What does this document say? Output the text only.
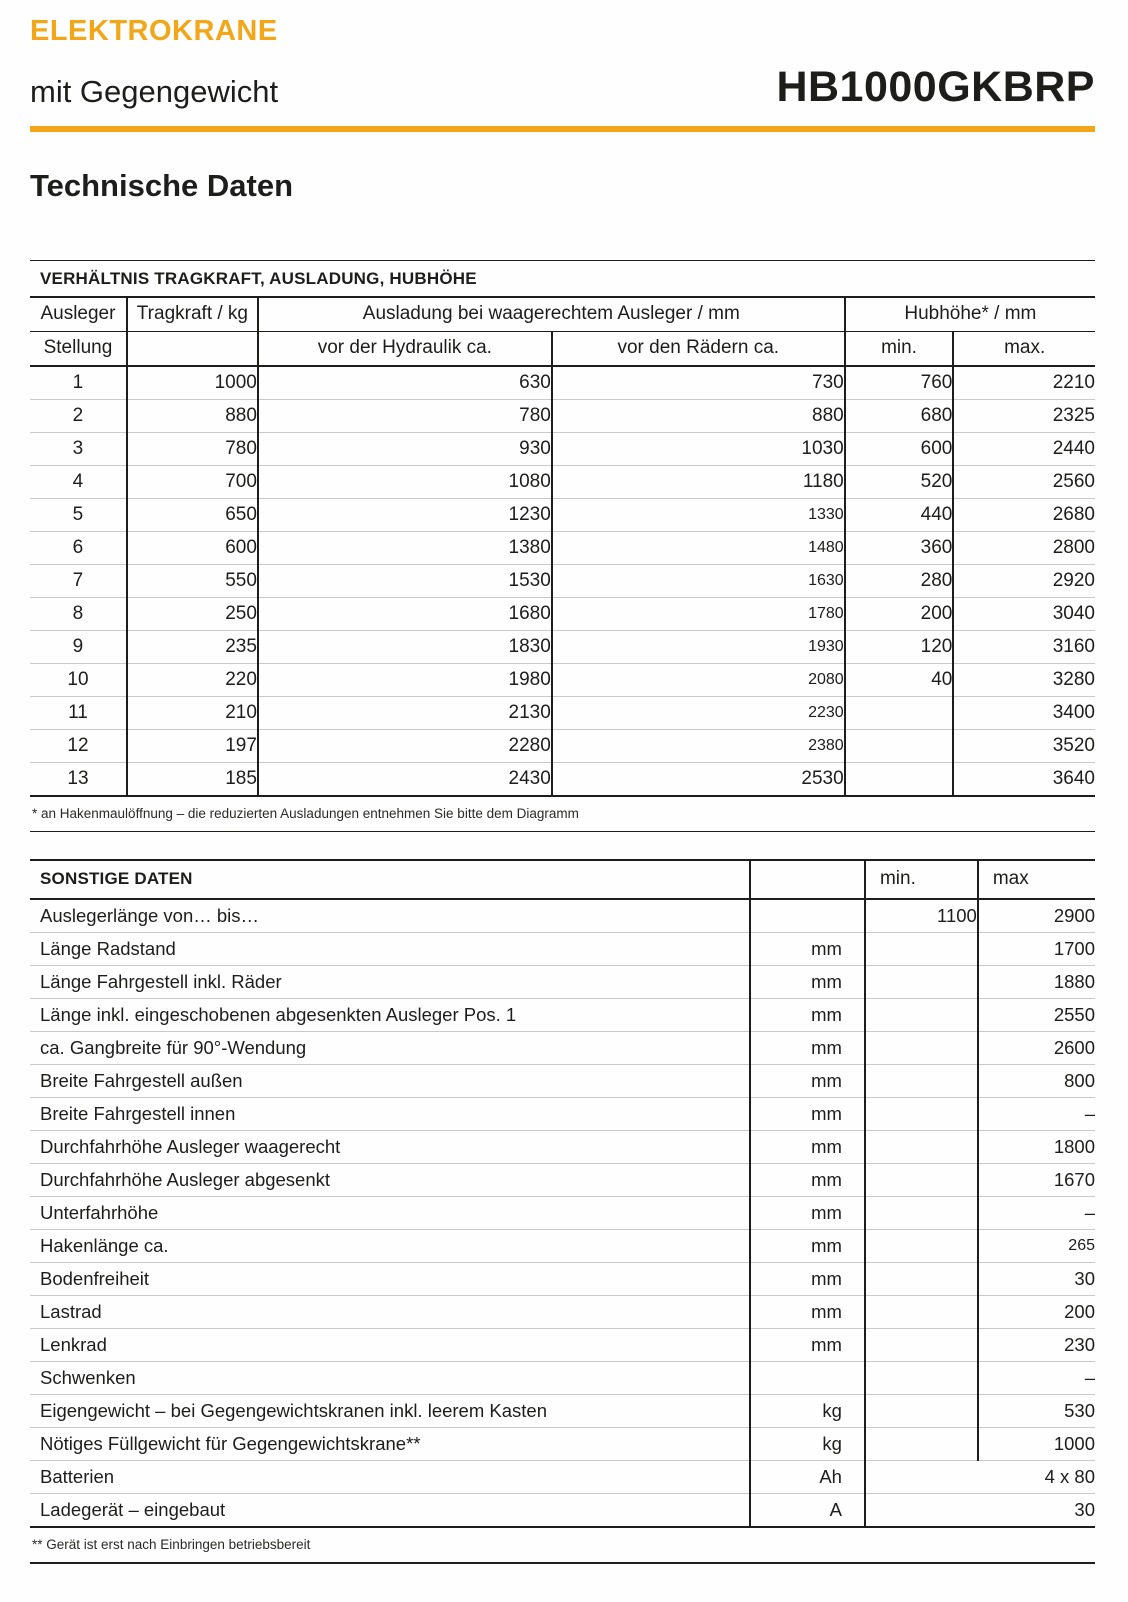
ELEKTROKRANE
mit Gegengewicht	HB1000GKBRP
Technische Daten
VERHÄLTNIS TRAGKRAFT, AUSLADUNG, HUBHÖHE
Ausleger	Tragkraft / kg	Ausladung bei waagerechtem Ausleger / mm		Hubhöhe* / mm	
Stellung		vor der Hydraulik ca.	vor den Rädern ca.	min.	max.
1	1000	630	730	760	2210
2	880	780	880	680	2325
3	780	930	1030	600	2440
4	700	1080	1180	520	2560
5	650	1230	1330	440	2680
6	600	1380	1480	360	2800
7	550	1530	1630	280	2920
8	250	1680	1780	200	3040
9	235	1830	1930	120	3160
10	220	1980	2080	40	3280
11	210	2130	2230		3400
12	197	2280	2380		3520
13	185	2430	2530		3640
* an Hakenmaulöffnung – die reduzierten Ausladungen entnehmen Sie bitte dem Diagramm
SONSTIGE DATEN		min.	max
Auslegerlänge von… bis…		1100	2900
Länge Radstand	mm		1700
Länge Fahrgestell inkl. Räder	mm		1880
Länge inkl. eingeschobenen abgesenkten Ausleger Pos. 1	mm		2550
ca. Gangbreite für 90°-Wendung	mm		2600
Breite Fahrgestell außen	mm		800
Breite Fahrgestell innen	mm		–
Durchfahrhöhe Ausleger waagerecht	mm		1800
Durchfahrhöhe Ausleger abgesenkt	mm		1670
Unterfahrhöhe	mm		–
Hakenlänge ca.	mm		265
Bodenfreiheit	mm		30
Lastrad	mm		200
Lenkrad	mm		230
Schwenken			–
Eigengewicht – bei Gegengewichtskranen inkl. leerem Kasten	kg		530
Nötiges Füllgewicht für Gegengewichtskrane**	kg		1000
Batterien	Ah	4 x 80	
Ladegerät – eingebaut	A	30	
** Gerät ist erst nach Einbringen betriebsbereit
